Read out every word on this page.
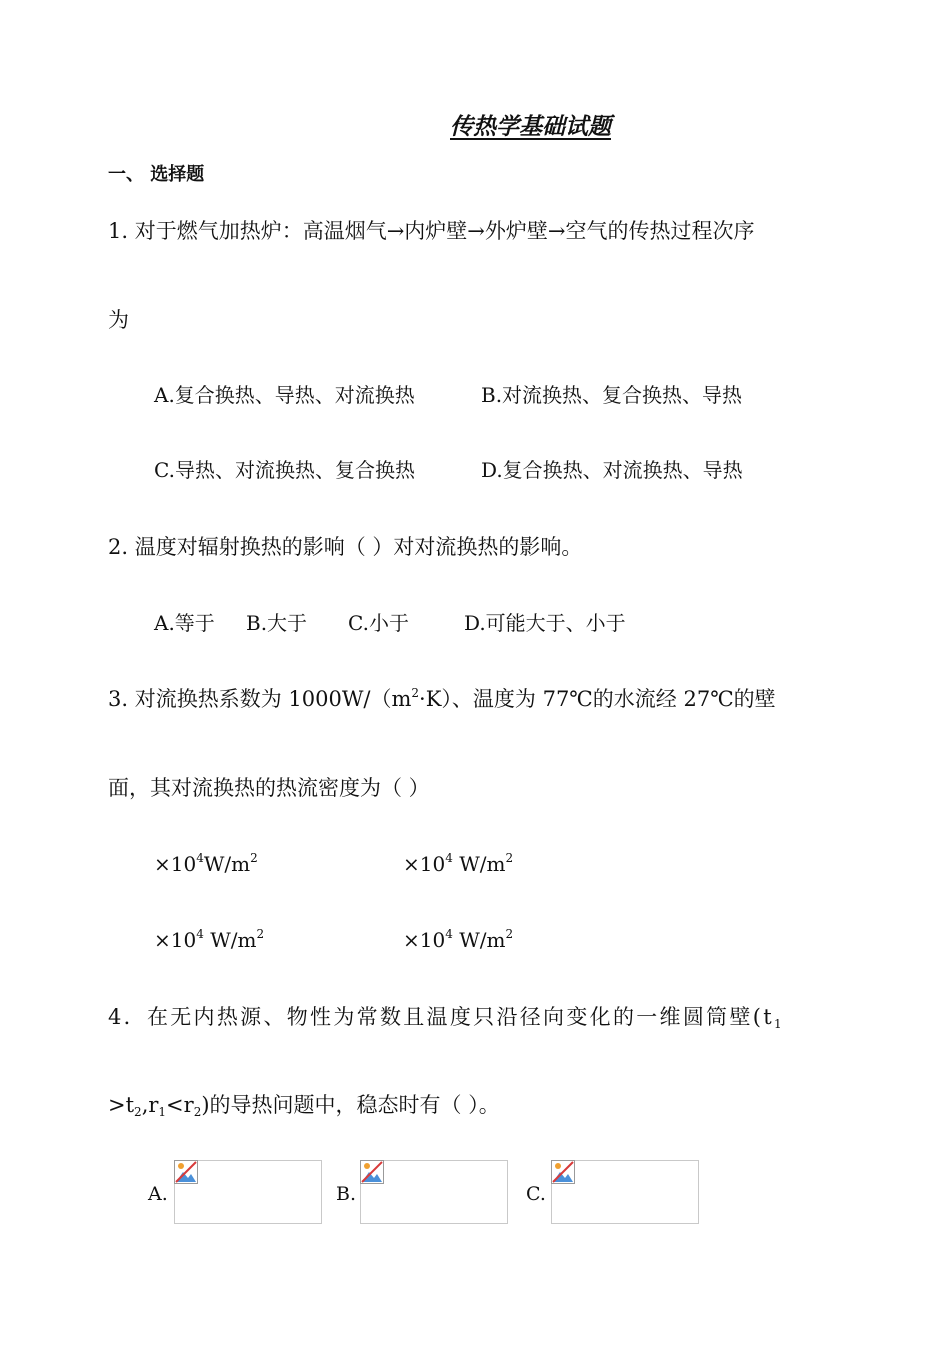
传热学基础试题
一、 选择题
1. 对于燃气加热炉：高温烟气→内炉壁→外炉壁→空气的传热过程次序
为
A.复合换热、导热、对流换热	B.对流换热、复合换热、导热
C.导热、对流换热、复合换热	D.复合换热、对流换热、导热
2. 温度对辐射换热的影响（ ）对对流换热的影响。
A.等于 B.大于 C.小于	D.可能大于、小于
3. 对流换热系数为 $1000W/(m^2\cdot K)$、温度为 77℃的水流经 27℃的壁
面，其对流换热的热流密度为（ ）
$\times 10^4W/m^2$	$\times 10^4$ $W/m^2$
$\times 10^4$ $W/m^2$	$\times 10^4$ $W/m^2$
4．在无内热源、物性为常数且温度只沿径向变化的一维圆筒壁($t_1$
$>t_2,r_1<r_2$)的导热问题中，稳态时有（ ）。
A.	B.	C.
